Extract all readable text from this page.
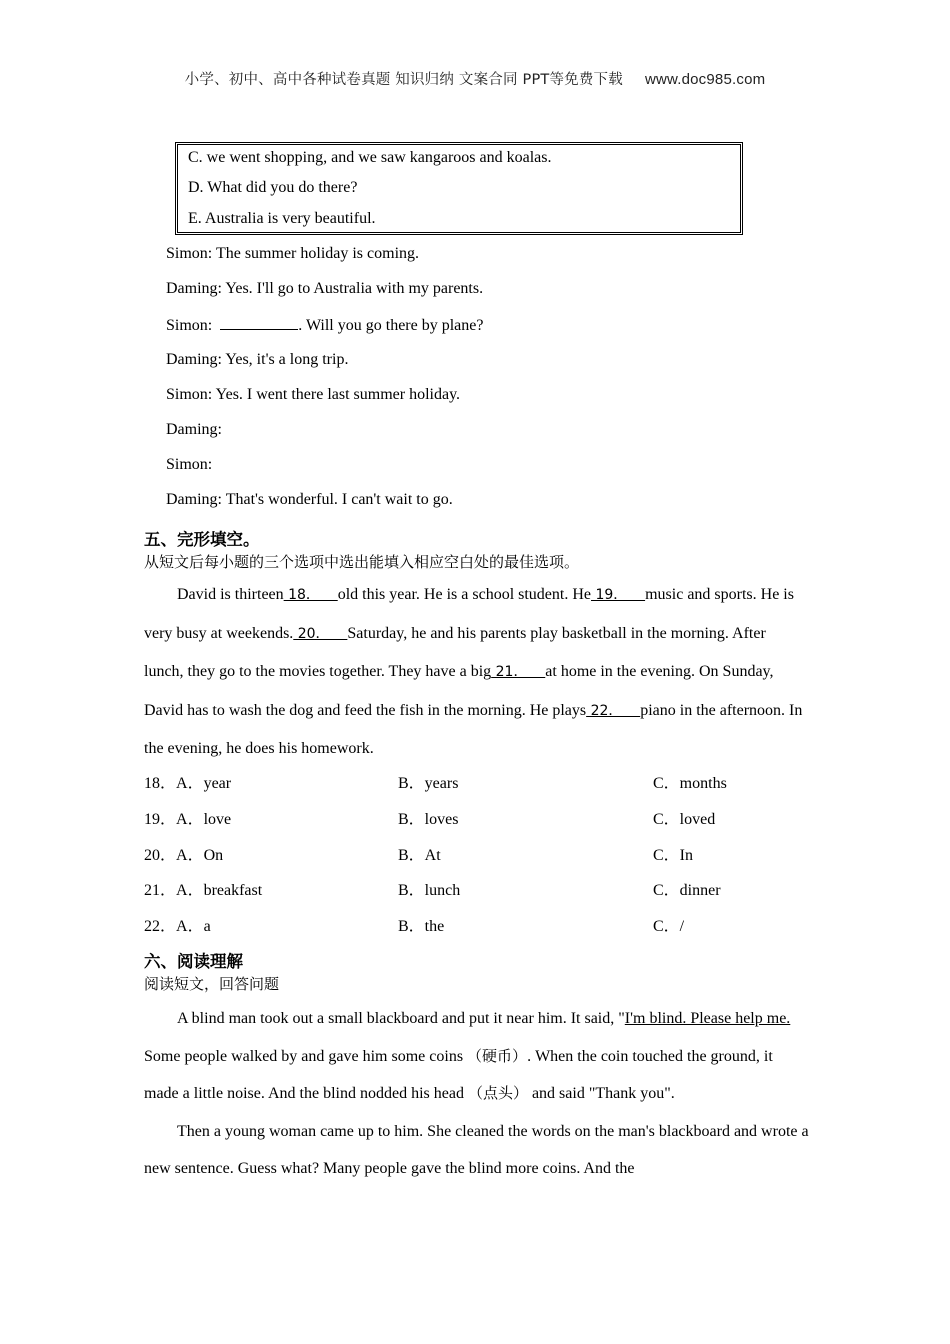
小学、初中、高中各种试卷真题 知识归纳 文案合同 PPT等免费下载 www.doc985.com
C. we went shopping, and we saw kangaroos and koalas.
D. What did you do there?
E. Australia is very beautiful.
Simon: The summer holiday is coming.
Daming: Yes. I'll go to Australia with my parents.
Simon:	. Will you go there by plane?
Daming: Yes, it's a long trip.
Simon: Yes. I went there last summer holiday.
Daming:
Simon:
Daming: That's wonderful. I can't wait to go.
五、完形填空。
从短文后每小题的三个选项中选出能填入相应空白处的最佳选项。

David is thirteen 18．    old this year. He is a school student. He 19．    music and sports. He is very busy at weekends. 20．    Saturday, he and his parents play basketball in the morning. After lunch, they go to the movies together. They have a big 21．    at home in the evening. On Sunday, David has to wash the dog and feed the fish in the morning. He plays 22．    piano in the afternoon. In the evening, he does his homework.

18．A．year	B．years	C．months
19．A．love	B．loves	C．loved
20．A．On	B．At	C．In
21．A．breakfast	B．lunch	C．dinner
22．A．a	B．the	C．/
六、阅读理解
阅读短文，回答问题

A blind man took out a small blackboard and put it near him. It said, "I'm blind. Please help me. Some people walked by and gave him some coins （硬币）. When the coin touched the ground, it made a little noise. And the blind nodded his head （点头） and said "Thank you".

Then a young woman came up to him. She cleaned the words on the man's blackboard and wrote a new sentence. Guess what? Many people gave the blind more coins. And the
